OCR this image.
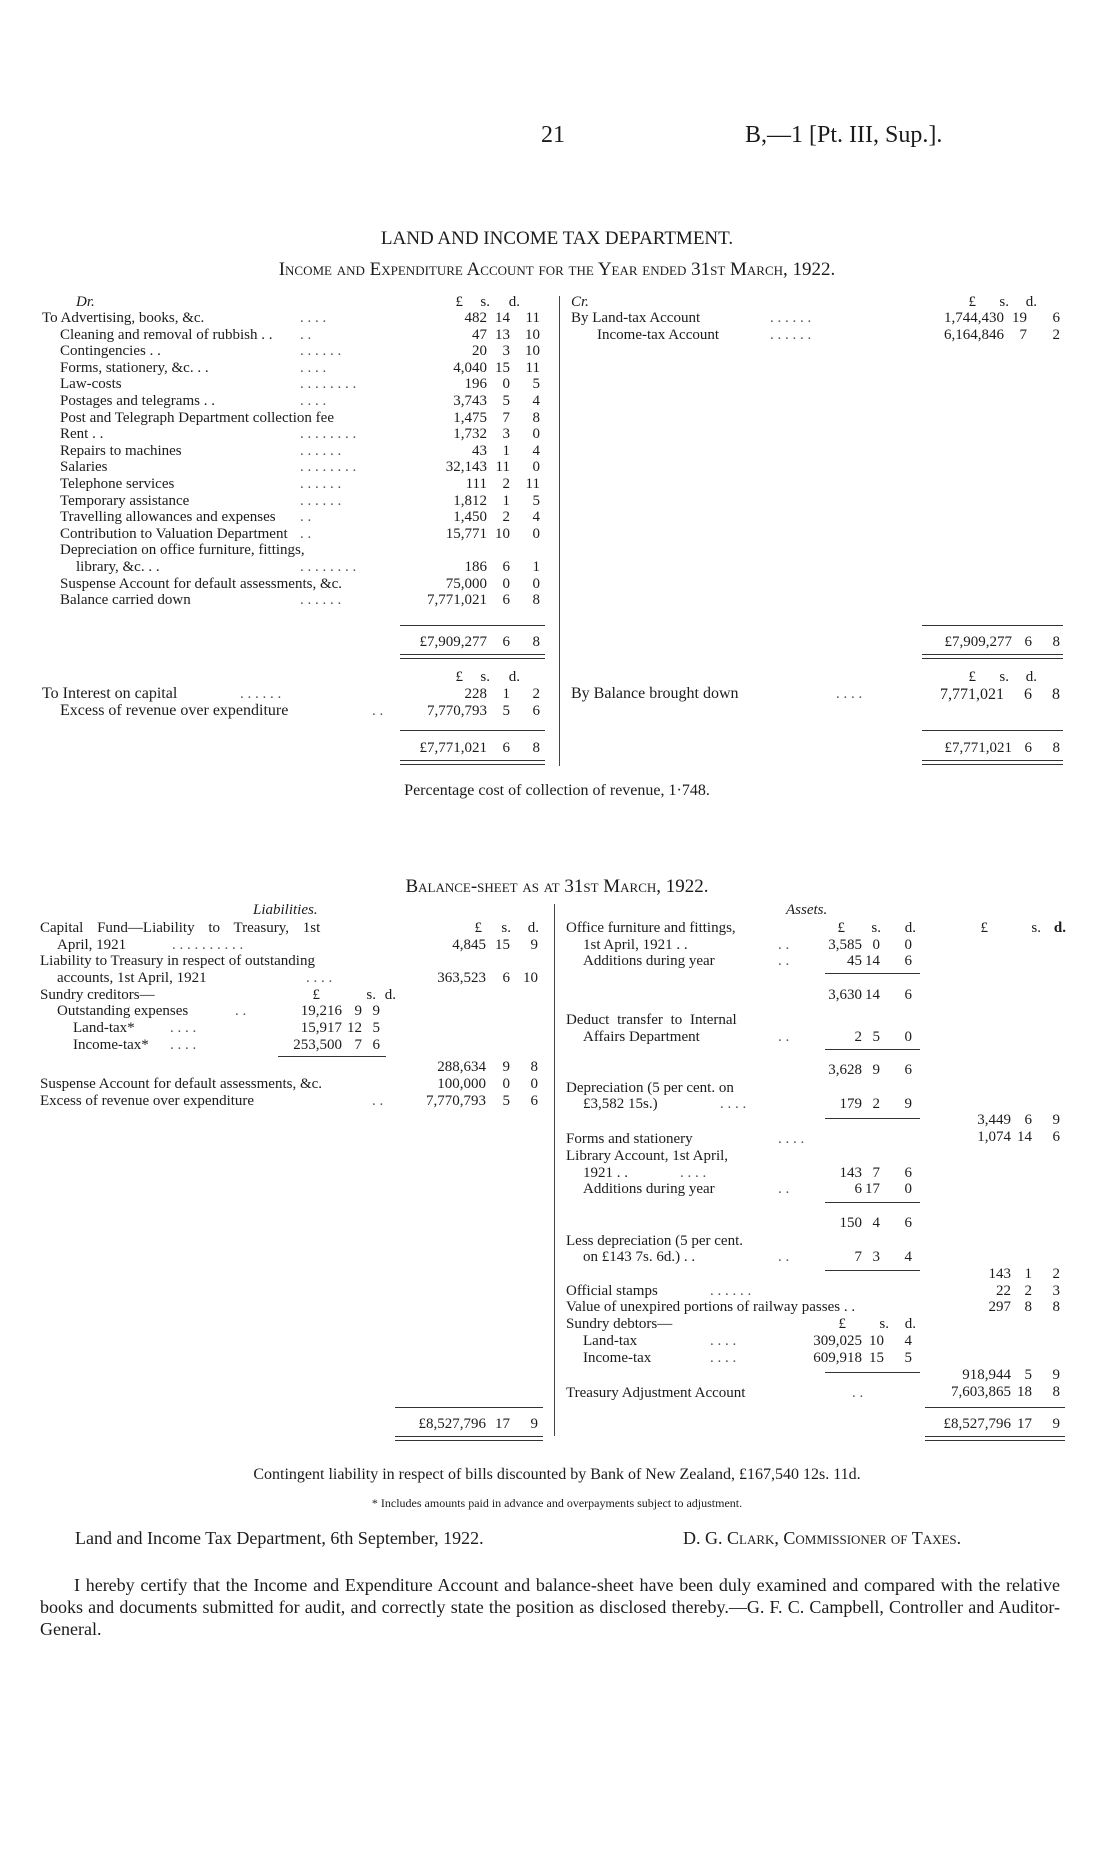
21	B,—1 [Pt. III, Sup.].
LAND AND INCOME TAX DEPARTMENT.
Income and Expenditure Account for the Year ended 31st March, 1922.
Dr.	Cr.
£	s.	d.	£	s.	d.
To Advertising, books, &c.	. . . .	482 14	11
Cleaning and removal of rubbish . . . .	47 13	10
Contingencies . .	. . . . . .	20	3	10
Forms, stationery, &c. . .	. . . .	4,040 15	11
Law-costs	. . . . . . . .	196	0	5
Postages and telegrams . .	. . . .	3,743	5	4
Post and Telegraph Department collection fee	1,475	7	8
Rent . .	. . . . . . . .	1,732	3	0
Repairs to machines	. . . . . .	43	1	4
Salaries	. . . . . . . .	32,143 11	0
Telephone services	. . . . . .	111	2	11
Temporary assistance	. . . . . .	1,812	1	5
Travelling allowances and expenses . .	1,450	2	4
Contribution to Valuation Department . .	15,771 10	0
Depreciation on office furniture, fittings,
library, &c. . .	. . . . . . . .	186	6	1
Suspense Account for default assessments, &c.	75,000	0	0
Balance carried down	. . . . . .	7,771,021	6	8
By Land-tax Account	. . . . . .	1,744,430 19	6
Income-tax Account	. . . . . .	6,164,846	7	2
£7,909,277	6	8	£7,909,277 6	8
£	s.	d.	£	s.	d.
To Interest on capital	. . . . . .	228	1	2
Excess of revenue over expenditure	. .	7,770,793	5	6
By Balance brought down	. . . .	7,771,021	6	8
£7,771,021	6	8	£7,771,021 6	8
Percentage cost of collection of revenue, 1·748.
Balance-sheet as at 31st March, 1922.
Liabilities.	Assets.
£	s.	d.
Capital Fund—Liability to Treasury, 1st
April, 1921	. . . . . . . . . .	4,845 15	9
Liability to Treasury in respect of outstanding
accounts, 1st April, 1921	. . . .	363,523	6 10
Sundry creditors—	£	s. d.
Outstanding expenses	. .	19,216 9 9
Land-tax* . . . .	15,917 12 5
Income-tax* . . . .	253,500 7 6
288,634	9	8
Suspense Account for default assessments, &c.	100,000	0	0
Excess of revenue over expenditure	. .	7,770,793	5	6
£8,527,796 17	9
£	s.	d.	£	s. d.
Office furniture and fittings,
1st April, 1921 . .	. .	3,585 0	0
Additions during year	. .	45 14	6
3,630 14	6
Deduct transfer to Internal
Affairs Department	. .	2 5	0
3,628 9	6
Depreciation (5 per cent. on
£3,582 15s.)	. . . .	179 2	9
3,449 6	9
Forms and stationery	. . . .	1,074 14	6
Library Account, 1st April,
1921 . .	. . . .	143 7	6
Additions during year	. .	6 17	0
150 4	6
Less depreciation (5 per cent.
on £143 7s. 6d.) . .	. .	7 3	4
143 1	2
Official stamps	. . . . . .	22 2	3
Value of unexpired portions of railway passes . .	297 8	8
Sundry debtors—	£	s.	d.
Land-tax	. . . .	309,025 10	4
Income-tax	. . . .	609,918 15	5
918,944 5	9
Treasury Adjustment Account	. .	7,603,865 18	8
£8,527,796 17	9
Contingent liability in respect of bills discounted by Bank of New Zealand, £167,540 12s. 11d.
* Includes amounts paid in advance and overpayments subject to adjustment.
Land and Income Tax Department, 6th September, 1922.	D. G. Clark, Commissioner of Taxes.
I hereby certify that the Income and Expenditure Account and balance-sheet have been duly examined and compared with the relative books and documents submitted for audit, and correctly state the position as disclosed thereby.—G. F. C. Campbell, Controller and Auditor-General.
